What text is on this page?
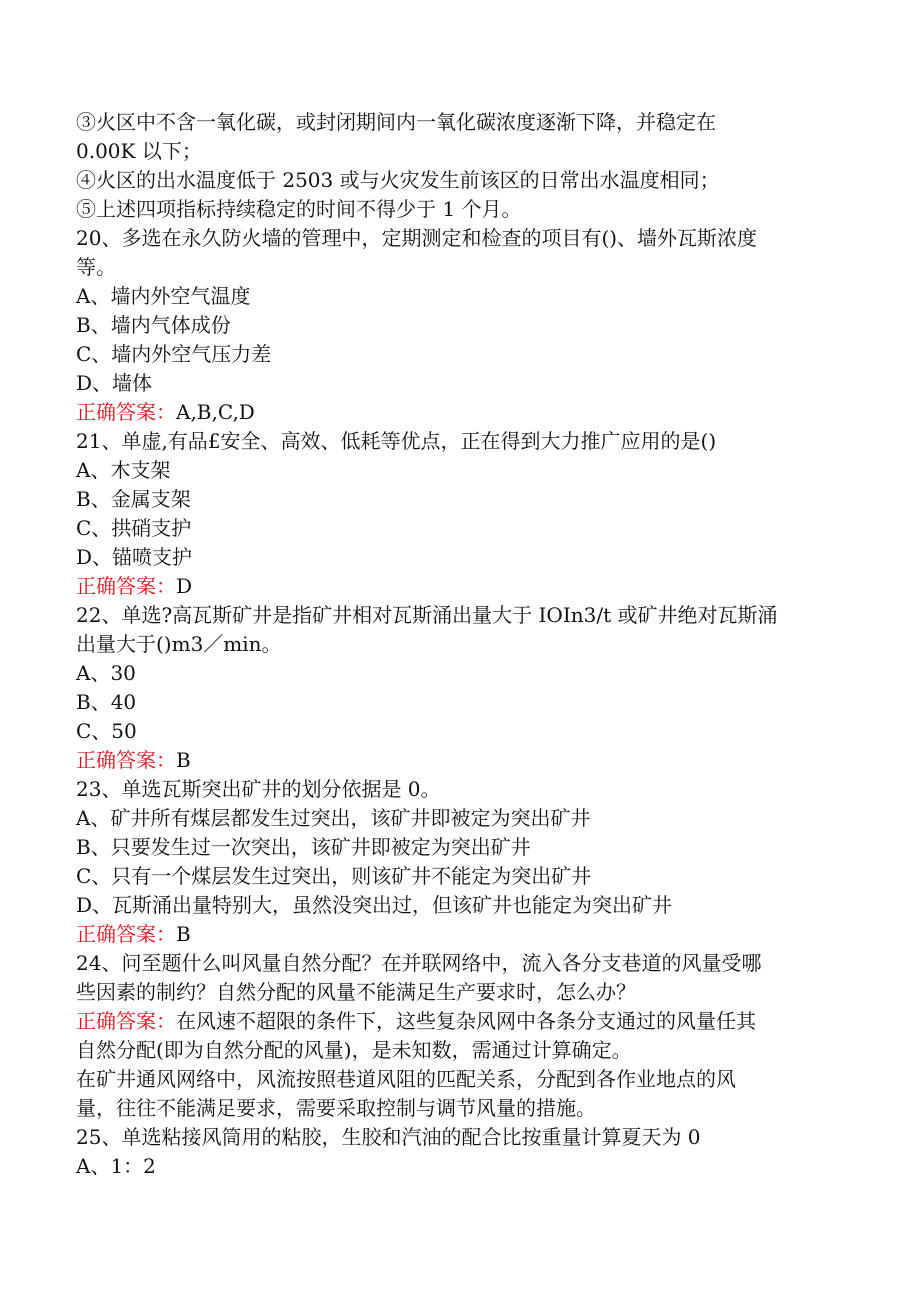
③火区中不含一氧化碳，或封闭期间内一氧化碳浓度逐渐下降，并稳定在
0.00K 以下；
④火区的出水温度低于 2503 或与火灾发生前该区的日常出水温度相同；
⑤上述四项指标持续稳定的时间不得少于 1 个月。
20、多选在永久防火墙的管理中，定期测定和检查的项目有()、墙外瓦斯浓度
等。
A、墙内外空气温度
B、墙内气体成份
C、墙内外空气压力差
D、墙体
正确答案：A,B,C,D
21、单虚,有品£安全、高效、低耗等优点，正在得到大力推广应用的是()
A、木支架
B、金属支架
C、拱硝支护
D、锚喷支护
正确答案：D
22、单选?高瓦斯矿井是指矿井相对瓦斯涌出量大于 IOIn3/t 或矿井绝对瓦斯涌
出量大于()m3／min。
A、30
B、40
C、50
正确答案：B
23、单选瓦斯突出矿井的划分依据是 0。
A、矿井所有煤层都发生过突出，该矿井即被定为突出矿井
B、只要发生过一次突出，该矿井即被定为突出矿井
C、只有一个煤层发生过突出，则该矿井不能定为突出矿井
D、瓦斯涌出量特别大，虽然没突出过，但该矿井也能定为突出矿井
正确答案：B
24、问至题什么叫风量自然分配？在并联网络中，流入各分支巷道的风量受哪
些因素的制约？自然分配的风量不能满足生产要求时，怎么办？
正确答案：在风速不超限的条件下，这些复杂风网中各条分支通过的风量任其
自然分配(即为自然分配的风量)，是未知数，需通过计算确定。
在矿井通风网络中，风流按照巷道风阻的匹配关系，分配到各作业地点的风
量，往往不能满足要求，需要采取控制与调节风量的措施。
25、单选粘接风筒用的粘胶，生胶和汽油的配合比按重量计算夏天为 0
A、1：2
